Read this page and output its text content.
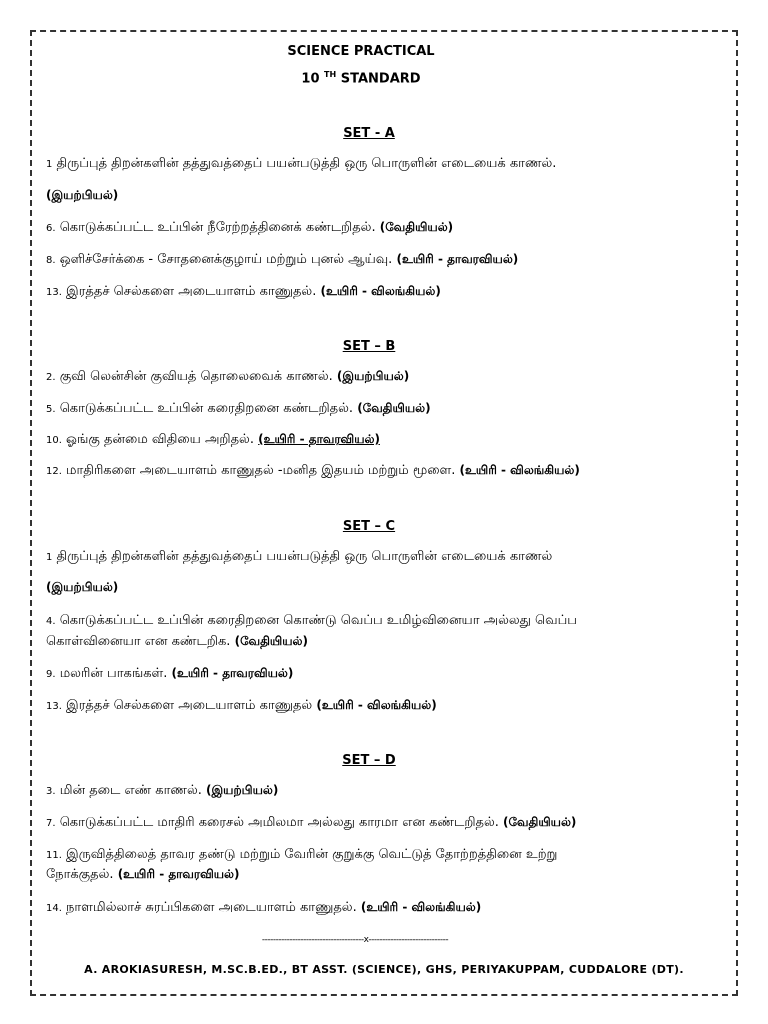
SCIENCE PRACTICAL
10 $^{TH}$ STANDARD
SET - A
1 திருப்புத் திறன்களின் தத்துவத்தைப் பயன்படுத்தி ஒரு பொருளின் எடையைக் காணல்.
(இயற்பியல்)
6. கொடுக்கப்பட்ட உப்பின் நீரேற்றத்தினைக் கண்டறிதல். (வேதியியல்)
8. ஒளிச்சேர்க்கை - சோதனைக்குழாய் மற்றும் புனல் ஆய்வு. (உயிரி - தாவரவியல்)
13. இரத்தச் செல்களை அடையாளம் காணுதல். (உயிரி - விலங்கியல்)
SET – B
2. குவி லென்சின் குவியத் தொலைவைக் காணல். (இயற்பியல்)
5. கொடுக்கப்பட்ட உப்பின் கரைதிறனை கண்டறிதல். (வேதியியல்)
10. ஓங்கு தன்மை விதியை அறிதல். (உயிரி - தாவரவியல்)
12. மாதிரிகளை அடையாளம் காணுதல் -மனித இதயம் மற்றும் மூளை. (உயிரி - விலங்கியல்)
SET – C
1 திருப்புத் திறன்களின் தத்துவத்தைப் பயன்படுத்தி ஒரு பொருளின் எடையைக் காணல்
(இயற்பியல்)
4. கொடுக்கப்பட்ட உப்பின் கரைதிறனை கொண்டு வெப்ப உமிழ்வினையா அல்லது வெப்ப
கொள்வினையா என கண்டறிக. (வேதியியல்)
9. மலரின் பாகங்கள். (உயிரி - தாவரவியல்)
13. இரத்தச் செல்களை அடையாளம் காணுதல் (உயிரி - விலங்கியல்)
SET – D
3. மின் தடை எண் காணல். (இயற்பியல்)
7. கொடுக்கப்பட்ட மாதிரி கரைசல் அமிலமா அல்லது காரமா என கண்டறிதல். (வேதியியல்)
11. இருவித்திலைத் தாவர தண்டு மற்றும் வேரின் குறுக்கு வெட்டுத் தோற்றத்தினை உற்று
நோக்குதல். (உயிரி - தாவரவியல்)
14. நாளமில்லாச் சுரப்பிகளை அடையாளம் காணுதல். (உயிரி - விலங்கியல்)
-------------------------------------x-----------------------------
A. AROKIASURESH, M.SC.B.ED., BT ASST. (SCIENCE), GHS, PERIYAKUPPAM, CUDDALORE (DT).
